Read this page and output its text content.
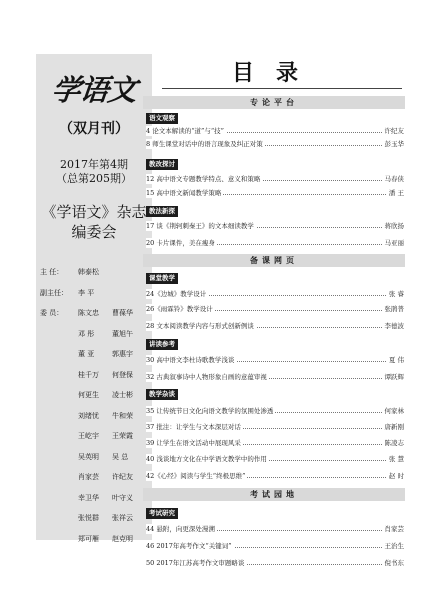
学语文
（双月刊）
2017年第4期
（总第205期）
《学语文》杂志
编委会
主 任：	韩泰松
副主任：	李 平
委 员：	陈文忠 曹葆华
邓 彤	董旭午
董 亚	郭惠宇
桂千万 何登保
何更生 凌士彬
刘绪忧 牛和荣
王屹宇 王荣霞
吴英明 吴 总
肖家芸 许纪友
幸卫华 叶守义
张悦群 张祥云
郑可雁 赵克明
目录
专论平台
语文观察
4 论文本解读的“道”与“技”	许纪友
8 师生课堂对话中的语言现象及纠正对策	彭玉华
教改探讨
12 高中语文专题教学特点、意义和策略	马春侠
15 高中语文新闻教学策略	潘 王
教法新探
17 谈《荆轲刺秦王》的文本细读教学	蒋欣扬
20 卡片课件，美在瘦身	马亚丽
备课网页
课堂教学
24《边城》教学设计	张 睿
26《雨霖铃》教学设计	张鹃普
28 文本阅读教学内容与形式创新例谈	李德波
讲读参考
30 高中语文李杜诗歌教学浅谈	夏 伟
32 古典叙事诗中人物形象自画的意蕴审视	谭跃辉
教学杂谈
35 让传统节日文化向语文教学的氛围处渗透	何家林
37 批注：让学生与文本深层对话	唐新刚
39 让学生在语文活动中展现风采	陈凌志
40 浅谈地方文化在中学语文教学中的作用	张 慧
42《心经》阅读与学生“终极思维”	赵 时
考试园地
考试研究
44 悬附，向更深处漫溯	肖家芸
46 2017年高考作文“关键词”	王治生
50 2017年江苏高考作文审题略谈	倪书东
